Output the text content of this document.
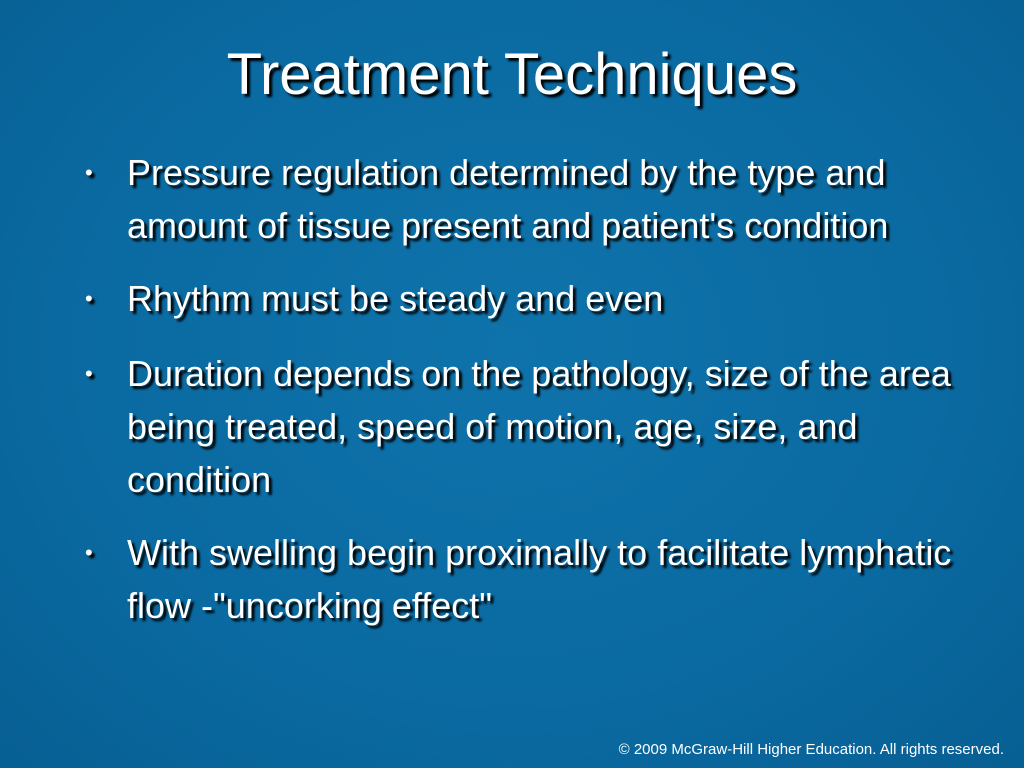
Treatment Techniques
• Pressure regulation determined by the type and amount of tissue present and patient's condition
• Rhythm must be steady and even
• Duration depends on the pathology, size of the area being treated, speed of motion, age, size, and condition
• With swelling begin proximally to facilitate lymphatic flow -"uncorking effect"
© 2009 McGraw-Hill Higher Education. All rights reserved.
